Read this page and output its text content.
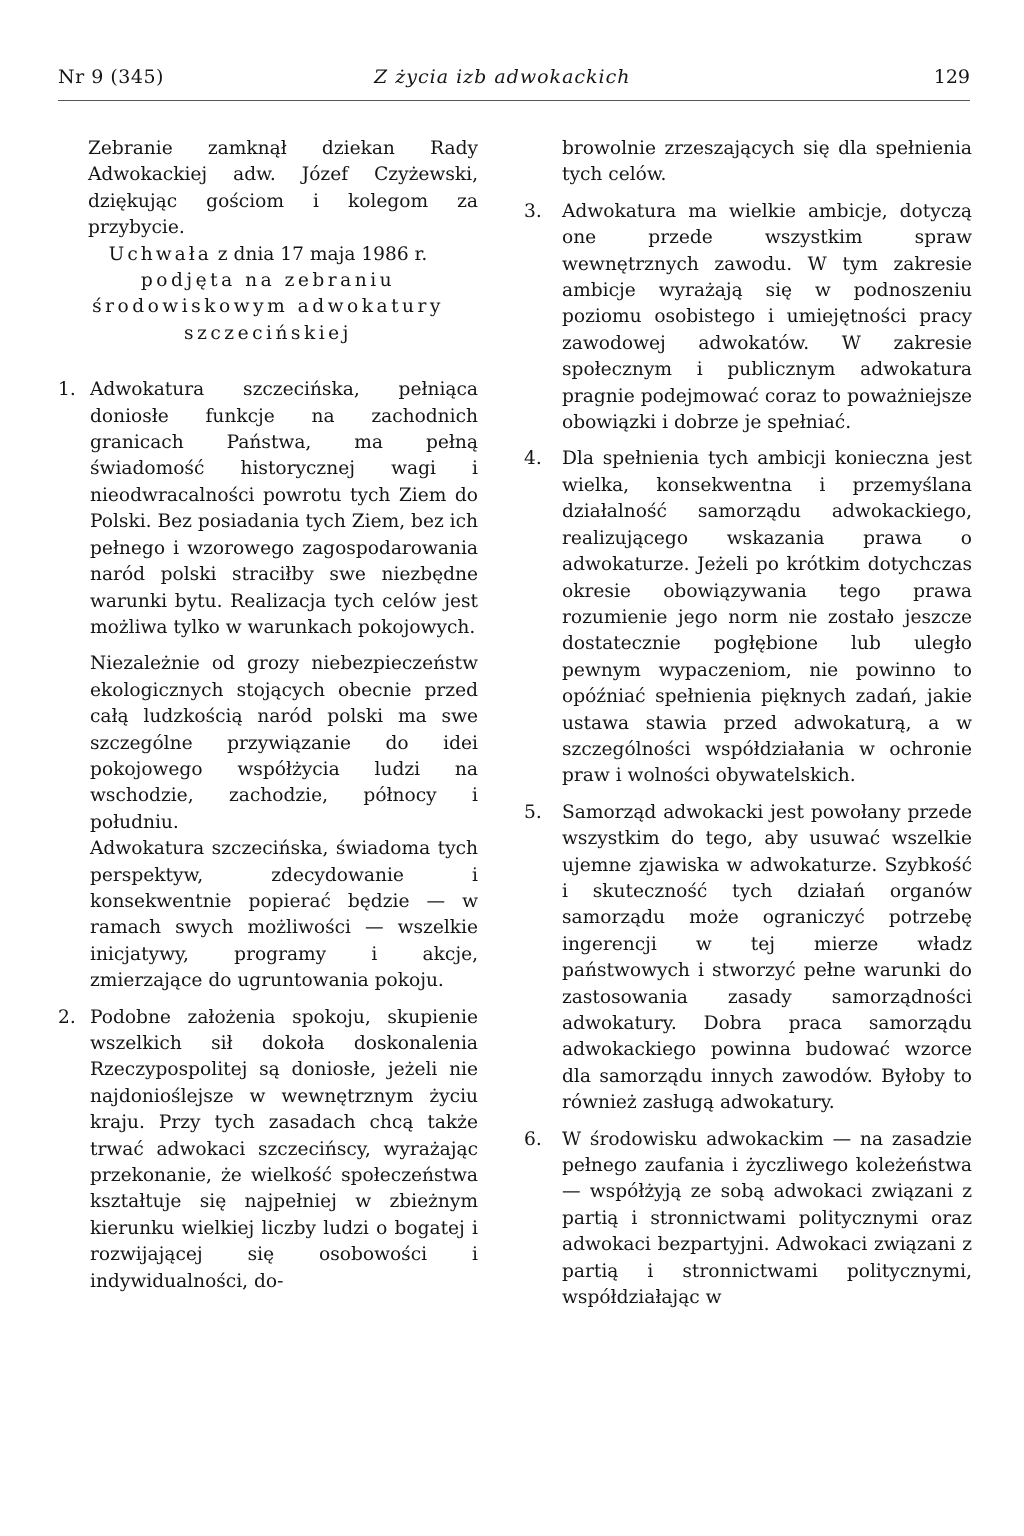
Nr 9 (345)	Z życia izb adwokackich	129

Zebranie zamknął dziekan Rady Adwokackiej adw. Józef Czyżewski, dziękując gościom i kolegom za przybycie.

Uchwała z dnia 17 maja 1986 r.

podjęta na zebraniu środowiskowym adwokatury szczecińskiej

1. Adwokatura szczecińska, pełniąca doniosłe funkcje na zachodnich granicach Państwa, ma pełną świadomość historycznej wagi i nieodwracalności powrotu tych Ziem do Polski. Bez posiadania tych Ziem, bez ich pełnego i wzorowego zagospodarowania naród polski straciłby swe niezbędne warunki bytu. Realizacja tych celów jest możliwa tylko w warunkach pokojowych.

Niezależnie od grozy niebezpieczeństw ekologicznych stojących obecnie przed całą ludzkością naród polski ma swe szczególne przywiązanie do idei pokojowego współżycia ludzi na wschodzie, zachodzie, północy i południu.

Adwokatura szczecińska, świadoma tych perspektyw, zdecydowanie i konsekwentnie popierać będzie — w ramach swych możliwości — wszelkie inicjatywy, programy i akcje, zmierzające do ugruntowania pokoju.

2. Podobne założenia spokoju, skupienie wszelkich sił dokoła doskonalenia Rzeczypospolitej są doniosłe, jeżeli nie najdonioślejsze w wewnętrznym życiu kraju. Przy tych zasadach chcą także trwać adwokaci szczecińscy, wyrażając przekonanie, że wielkość społeczeństwa kształtuje się najpełniej w zbieżnym kierunku wielkiej liczby ludzi o bogatej i rozwijającej się osobowości i indywidualności, do-

browolnie zrzeszających się dla spełnienia tych celów.

3. Adwokatura ma wielkie ambicje, dotyczą one przede wszystkim spraw wewnętrznych zawodu. W tym zakresie ambicje wyrażają się w podnoszeniu poziomu osobistego i umiejętności pracy zawodowej adwokatów. W zakresie społecznym i publicznym adwokatura pragnie podejmować coraz to poważniejsze obowiązki i dobrze je spełniać.

4. Dla spełnienia tych ambicji konieczna jest wielka, konsekwentna i przemyślana działalność samorządu adwokackiego, realizującego wskazania prawa o adwokaturze. Jeżeli po krótkim dotychczas okresie obowiązywania tego prawa rozumienie jego norm nie zostało jeszcze dostatecznie pogłębione lub uległo pewnym wypaczeniom, nie powinno to opóźniać spełnienia pięknych zadań, jakie ustawa stawia przed adwokaturą, a w szczególności współdziałania w ochronie praw i wolności obywatelskich.

5. Samorząd adwokacki jest powołany przede wszystkim do tego, aby usuwać wszelkie ujemne zjawiska w adwokaturze. Szybkość i skuteczność tych działań organów samorządu może ograniczyć potrzebę ingerencji w tej mierze władz państwowych i stworzyć pełne warunki do zastosowania zasady samorządności adwokatury. Dobra praca samorządu adwokackiego powinna budować wzorce dla samorządu innych zawodów. Byłoby to również zasługą adwokatury.

6. W środowisku adwokackim — na zasadzie pełnego zaufania i życzliwego koleżeństwa — współżyją ze sobą adwokaci związani z partią i stronnictwami politycznymi oraz adwokaci bezpartyjni. Adwokaci związani z partią i stronnictwami politycznymi, współdziałając w
